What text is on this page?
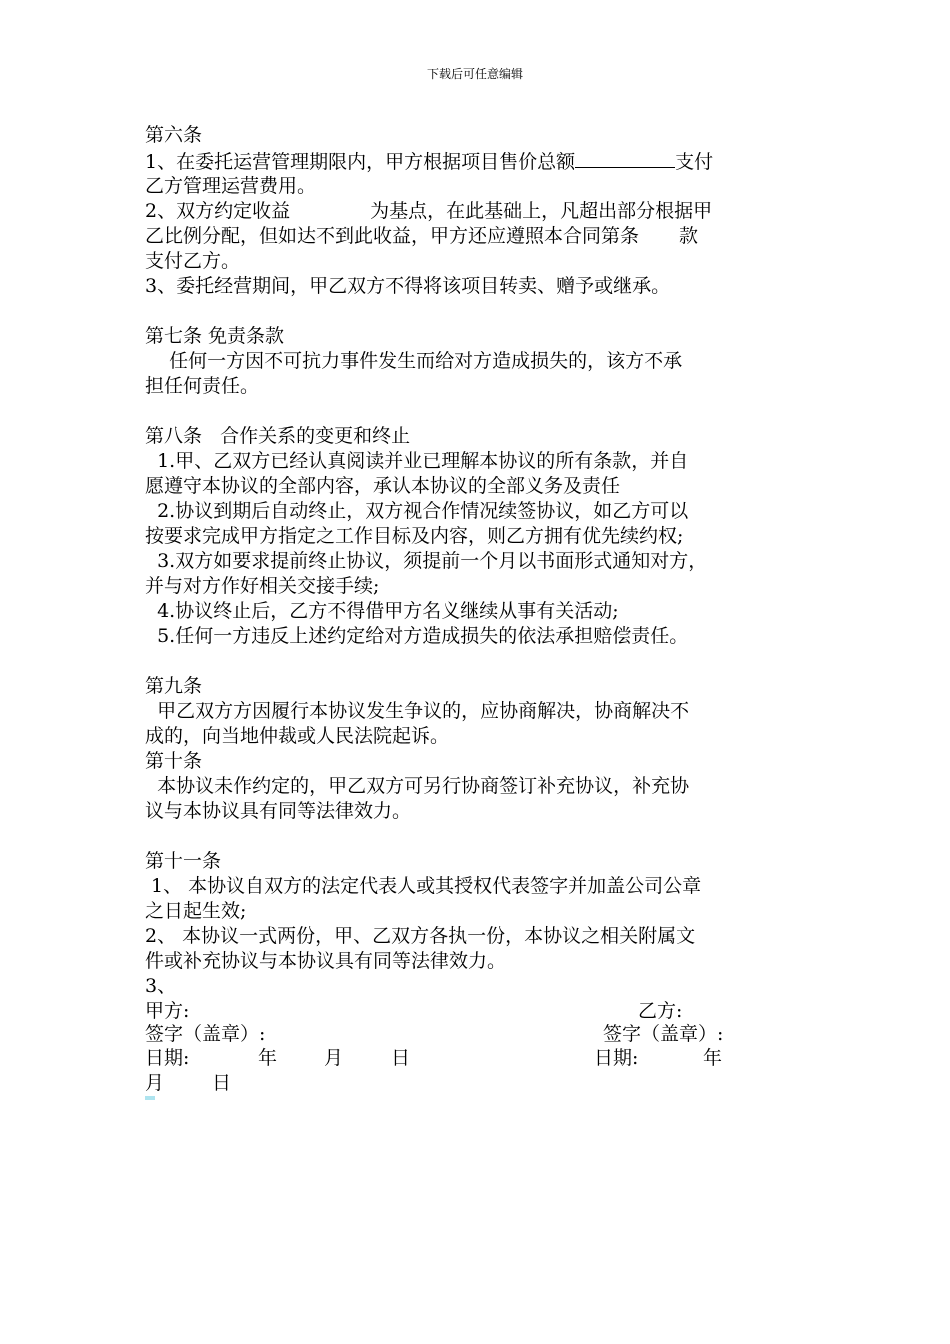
下载后可任意编辑
第六条
1、在委托运营管理期限内，甲方根据项目售价总额	支付
乙方管理运营费用。
2、双方约定收益	为基点，在此基础上，凡超出部分根据甲
乙比例分配，但如达不到此收益，甲方还应遵照本合同第条 款
支付乙方。
3、委托经营期间，甲乙双方不得将该项目转卖、赠予或继承。
第七条 免责条款
任何一方因不可抗力事件发生而给对方造成损失的，该方不承
担任何责任。
第八条   合作关系的变更和终止
1.甲、乙双方已经认真阅读并业已理解本协议的所有条款，并自
愿遵守本协议的全部内容，承认本协议的全部义务及责任
2.协议到期后自动终止，双方视合作情况续签协议，如乙方可以
按要求完成甲方指定之工作目标及内容，则乙方拥有优先续约权;
3.双方如要求提前终止协议，须提前一个月以书面形式通知对方，
并与对方作好相关交接手续;
4.协议终止后，乙方不得借甲方名义继续从事有关活动;
5.任何一方违反上述约定给对方造成损失的依法承担赔偿责任。
第九条
甲乙双方方因履行本协议发生争议的，应协商解决，协商解决不
成的，向当地仲裁或人民法院起诉。
第十条
本协议未作约定的，甲乙双方可另行协商签订补充协议，补充协
议与本协议具有同等法律效力。
第十一条
1、 本协议自双方的法定代表人或其授权代表签字并加盖公司公章
之日起生效;
2、 本协议一式两份，甲、乙双方各执一份，本协议之相关附属文
件或补充协议与本协议具有同等法律效力。
3、
甲方:	乙方:
签字（盖章）:	签字（盖章）:
日期:	年 月	日	日期:	年
月	日
